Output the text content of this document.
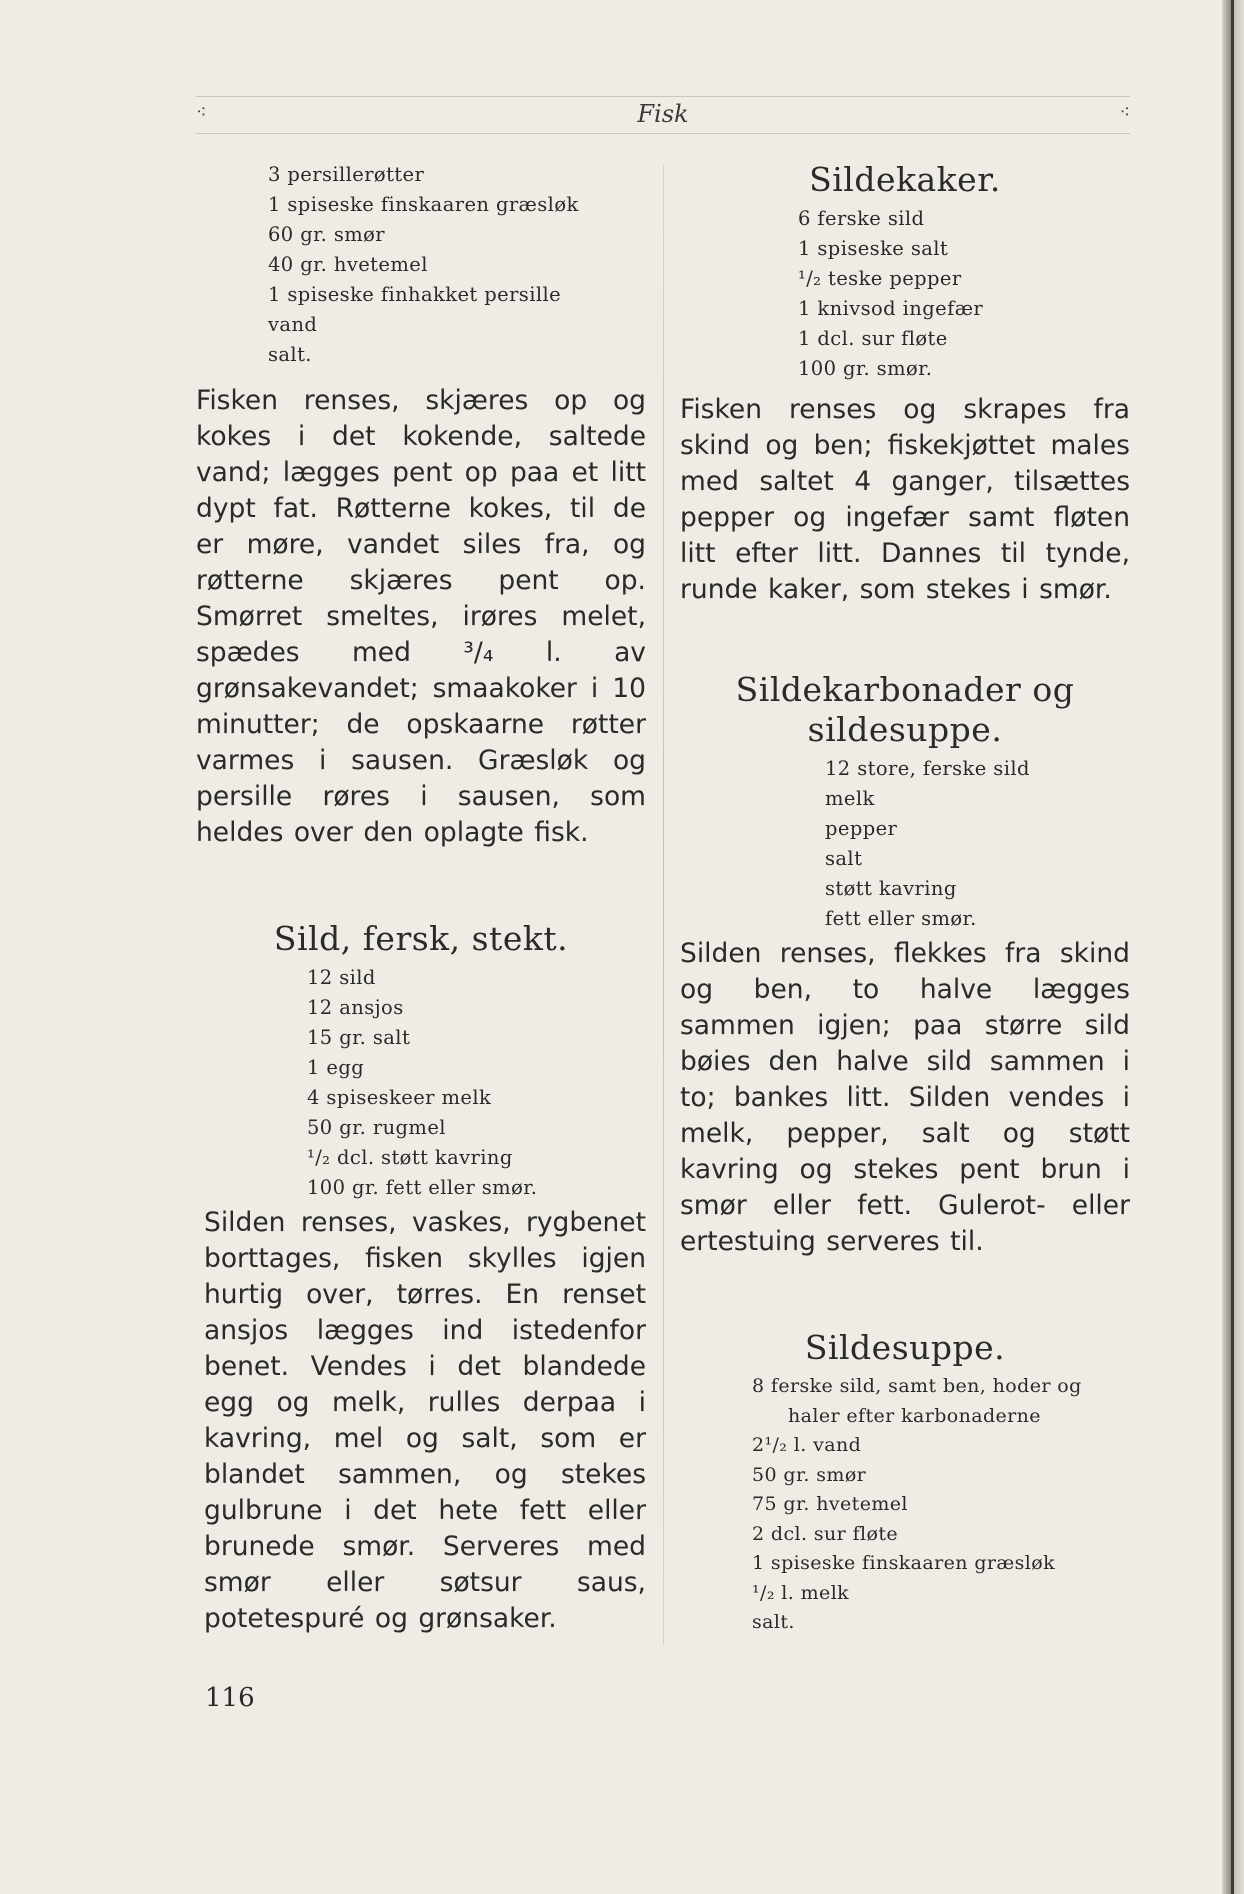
⁖	Fisk	⁖
3 persillerøtter
1 spiseske finskaaren græsløk
60 gr. smør
40 gr. hvetemel
1 spiseske finhakket persille
vand
salt.

Fisken renses, skjæres op og kokes i det kokende, saltede vand; lægges pent op paa et litt dypt fat. Røtterne kokes, til de er møre, vandet siles fra, og røtterne skjæres pent op. Smørret smeltes, irøres melet, spædes med ³/₄ l. av grønsakevandet; smaakoker i 10 minutter; de opskaarne røtter varmes i sausen. Græsløk og persille røres i sausen, som heldes over den oplagte fisk.

Sild, fersk, stekt.
12 sild
12 ansjos
15 gr. salt
1 egg
4 spiseskeer melk
50 gr. rugmel
¹/₂ dcl. støtt kavring
100 gr. fett eller smør.

Silden renses, vaskes, rygbenet borttages, fisken skylles igjen hurtig over, tørres. En renset ansjos lægges ind istedenfor benet. Vendes i det blandede egg og melk, rulles derpaa i kavring, mel og salt, som er blandet sammen, og stekes gulbrune i det hete fett eller brunede smør. Serveres med smør eller søtsur saus, potetespuré og grønsaker.

116
Sildekaker.
6 ferske sild
1 spiseske salt
¹/₂ teske pepper
1 knivsod ingefær
1 dcl. sur fløte
100 gr. smør.

Fisken renses og skrapes fra skind og ben; fiskekjøttet males med saltet 4 ganger, tilsættes pepper og ingefær samt fløten litt efter litt. Dannes til tynde, runde kaker, som stekes i smør.

Sildekarbonader og sildesuppe.
12 store, ferske sild
melk
pepper
salt
støtt kavring
fett eller smør.

Silden renses, flekkes fra skind og ben, to halve lægges sammen igjen; paa større sild bøies den halve sild sammen i to; bankes litt. Silden vendes i melk, pepper, salt og støtt kavring og stekes pent brun i smør eller fett. Gulerot- eller ertestuing serveres til.

Sildesuppe.
8 ferske sild, samt ben, hoder og
haler efter karbonaderne
2¹/₂ l. vand
50 gr. smør
75 gr. hvetemel
2 dcl. sur fløte
1 spiseske finskaaren græsløk
¹/₂ l. melk
salt.
